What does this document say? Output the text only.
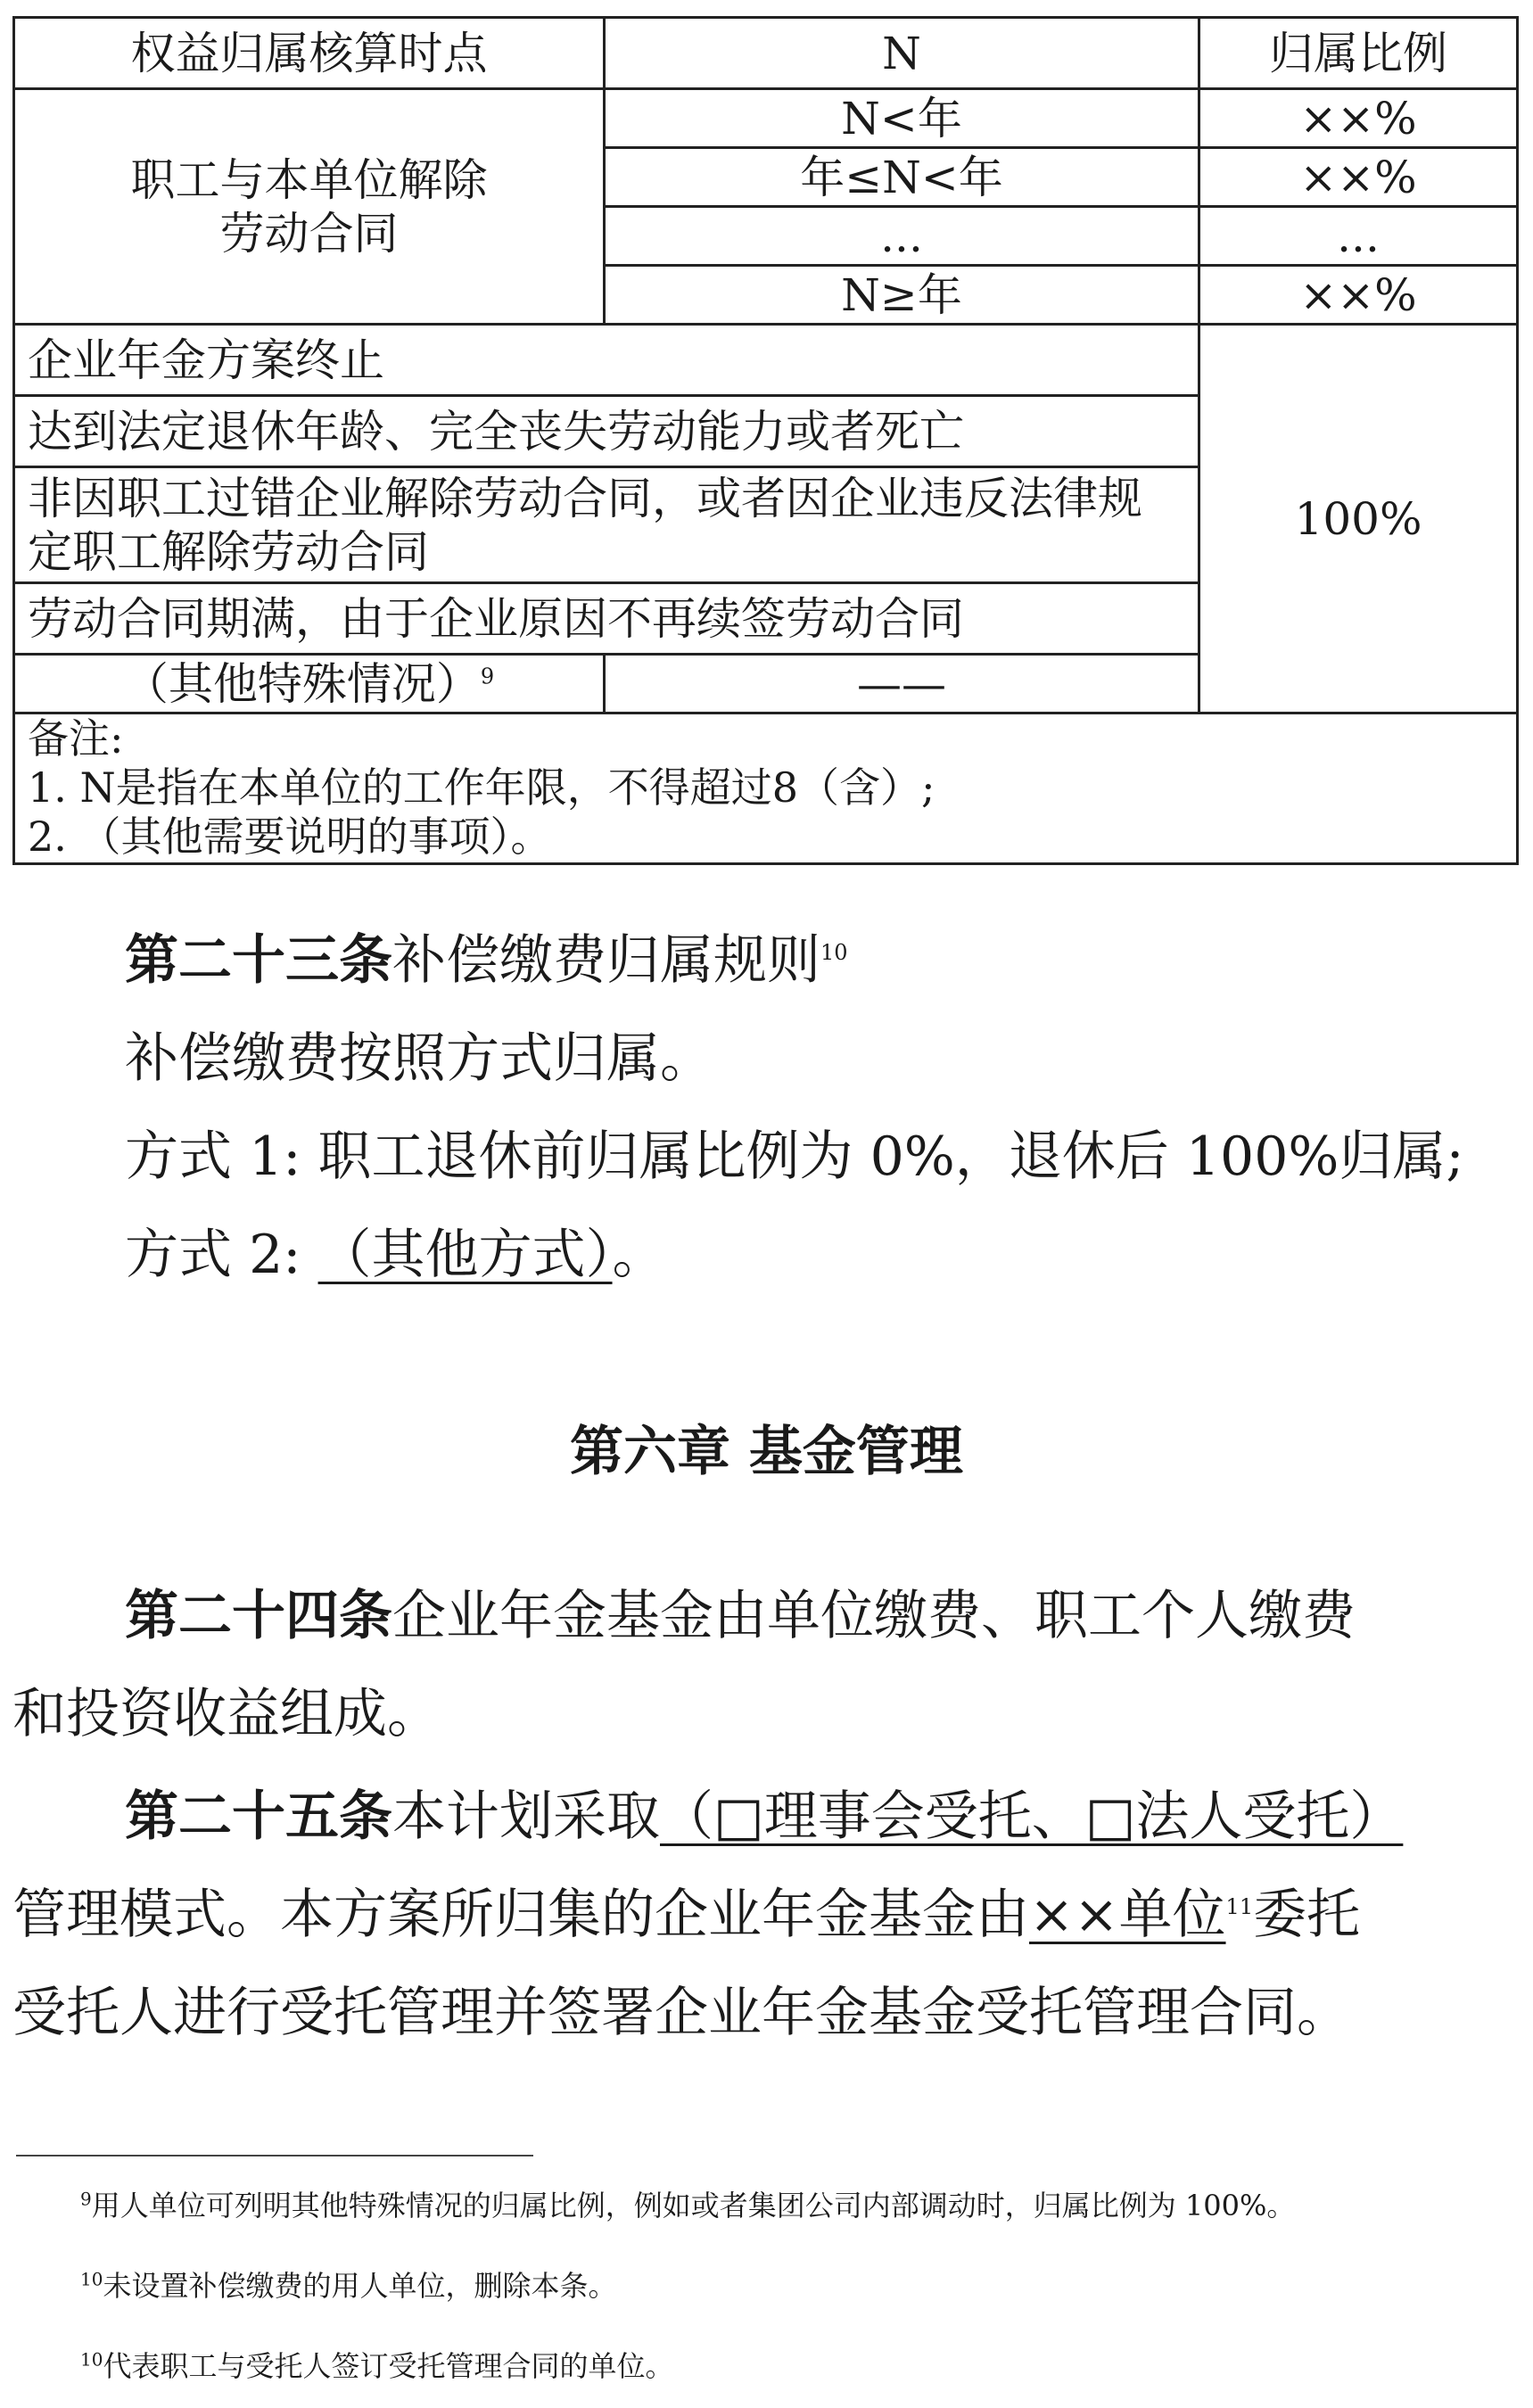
权益归属核算时点	N	归属比例

职工与本单位解除劳动合同	N<年	××%
	年≤N<年	××%
	...	...
	N≥年	××%
企业年金方案终止		100%
达到法定退休年龄、完全丧失劳动能力或者死亡		
非因职工过错企业解除劳动合同，或者因企业违反法律规定职工解除劳动合同		
劳动合同期满，由于企业原因不再续签劳动合同		
（其他特殊情况）$^9$	——	

备注:
1. N是指在本单位的工作年限，不得超过8（含）;
2. （其他需要说明的事项）。		

第二十三条补偿缴费归属规则$^{10}$

补偿缴费按照方式归属。

方式 1: 职工退休前归属比例为 0%，退休后 100%归属;

方式 2: （其他方式）。

第六章 基金管理

第二十四条企业年金基金由单位缴费、职工个人缴费

和投资收益组成。

第二十五条本计划采取（□理事会受托、□法人受托）

管理模式。本方案所归集的企业年金基金由××单位$^{11}$委托

受托人进行受托管理并签署企业年金基金受托管理合同。

$^9$用人单位可列明其他特殊情况的归属比例，例如或者集团公司内部调动时，归属比例为 100%。
$^{10}$未设置补偿缴费的用人单位，删除本条。
$^{10}$代表职工与受托人签订受托管理合同的单位。
